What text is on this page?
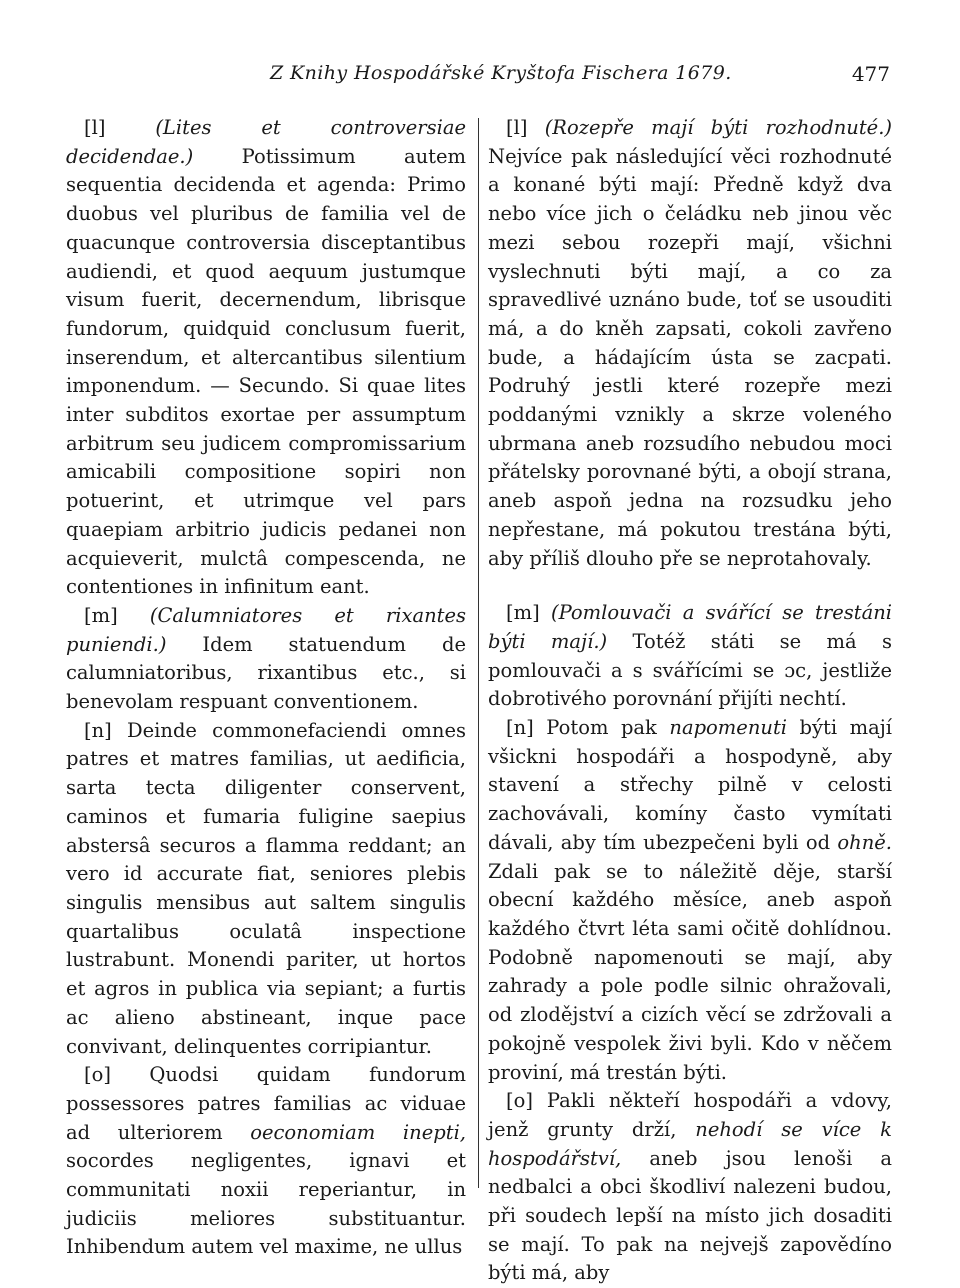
Z Knihy Hospodářské Kryštofa Fischera 1679.	477

[l]	(Lites et controversiae decidendae.) Potissimum autem sequentia decidenda et agenda: Primo duobus vel pluribus de familia vel de quacunque controversia disceptantibus audiendi, et quod aequum justumque visum fuerit, decernendum, librisque fundorum, quidquid conclusum fuerit, inserendum, et altercantibus silentium imponendum. — Secundo. Si quae lites inter subditos exortae per assumptum arbitrum seu judicem compromissarium amicabili compositione sopiri non potuerint, et utrimque vel pars quaepiam arbitrio judicis pedanei non acquieverit, mulctâ compescenda, ne contentiones in infinitum eant.

[m] (Calumniatores et rixantes puniendi.) Idem statuendum de calumniatoribus, rixantibus etc., si benevolam respuant conventionem.

[n] Deinde commonefaciendi omnes patres et matres familias, ut aedificia, sarta tecta diligenter conservent, caminos et fumaria fuligine saepius abstersâ securos a flamma reddant; an vero id accurate fiat, seniores plebis singulis mensibus aut saltem singulis quartalibus oculatâ inspectione lustrabunt. Monendi pariter, ut hortos et agros in publica via sepiant; a furtis ac alieno abstineant, inque pace convivant, delinquentes corripiantur.

[o] Quodsi quidam fundorum possessores patres familias ac viduae ad ulteriorem oeconomiam inepti, socordes negligentes, ignavi et communitati noxii reperiantur, in judiciis meliores substituantur. Inhibendum autem vel maxime, ne ullus

[l] (Rozepře mají býti rozhodnuté.) Nejvíce pak následující věci rozhodnuté a konané býti mají: Předně když dva nebo více jich o čeládku neb jinou věc mezi sebou rozepři mají, všichni vyslechnuti býti mají, a co za spravedlivé uznáno bude, toť se usouditi má, a do kněh zapsati, cokoli zavřeno bude, a hádajícím ústa se zacpati. Podruhý jestli které rozepře mezi poddanými vznikly a skrze voleného ubrmana aneb rozsudího nebudou moci přátelsky porovnané býti, a obojí strana, aneb aspoň jedna na rozsudku jeho nepřestane, má pokutou trestána býti, aby příliš dlouho pře se neprotahovaly.

[m] (Pomlouvači a svářící se trestáni býti mají.) Totéž státi se má s pomlouvači a s svářícími se ɔc, jestliže dobrotivého porovnání přijíti nechtí.

[n] Potom pak napomenuti býti mají všickni hospodáři a hospodyně, aby stavení a střechy pilně v celosti zachovávali, komíny často vymítati dávali, aby tím ubezpečeni byli od ohně. Zdali pak se to náležitě děje, starší obecní každého měsíce, aneb aspoň každého čtvrt léta sami očitě dohlídnou. Podobně napomenouti se mají, aby zahrady a pole podle silnic ohražovali, od zlodějství a cizích věcí se zdržovali a pokojně vespolek živi byli. Kdo v něčem proviní, má trestán býti.

[o] Pakli někteří hospodáři a vdovy, jenž grunty drží, nehodí se více k hospodářství, aneb jsou lenoši a nedbalci a obci škodliví nalezeni budou, při soudech lepší na místo jich dosaditi se mají. To pak na nejvejš zapovědíno býti má, aby
